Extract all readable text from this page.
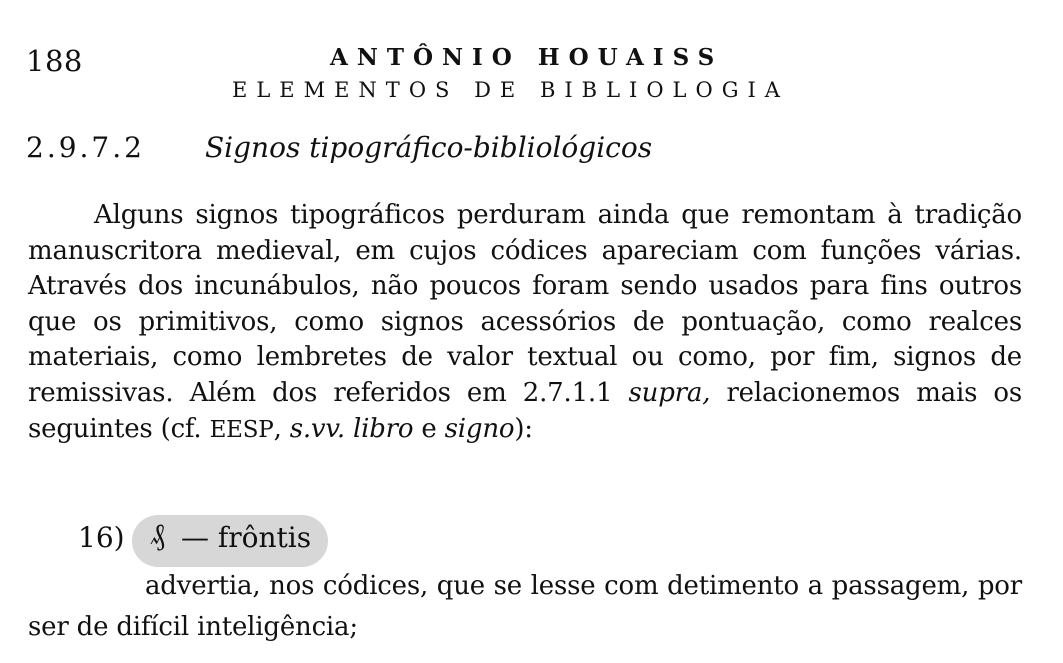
188	ANTÔNIO HOUAISS
ELEMENTOS DE BIBLIOLOGIA
2.9.7.2 Signos tipográfico-bibliológicos

Alguns signos tipográficos perduram ainda que remontam à tradição manuscritora medieval, em cujos códices apareciam com funções várias. Através dos incunábulos, não poucos foram sendo usados para fins outros que os primitivos, como signos acessórios de pontuação, como realces materiais, como lembretes de valor textual ou como, por fim, signos de remissivas. Além dos referidos em 2.7.1.1 supra, relacionemos mais os seguintes (cf. EESP, s.vv. libro e signo):

16) ₰ — frôntis

advertia, nos códices, que se lesse com detimento a passagem, por ser de difícil inteligência;
